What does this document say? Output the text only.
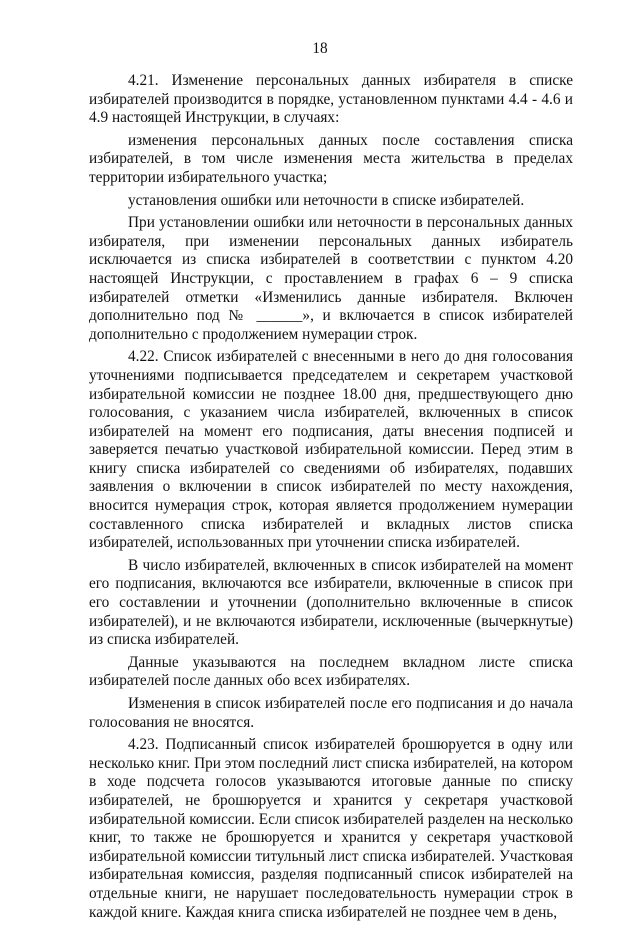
18

4.21. Изменение персональных данных избирателя в списке избирателей производится в порядке, установленном пунктами 4.4 - 4.6 и 4.9 настоящей Инструкции, в случаях:

изменения персональных данных после составления списка избирателей, в том числе изменения места жительства в пределах территории избирательного участка;

установления ошибки или неточности в списке избирателей.

При установлении ошибки или неточности в персональных данных избирателя, при изменении персональных данных избиратель исключается из списка избирателей в соответствии с пунктом 4.20 настоящей Инструкции, с проставлением в графах 6 – 9 списка избирателей отметки «Изменились данные избирателя. Включен дополнительно под № ______», и включается в список избирателей дополнительно с продолжением нумерации строк.

4.22. Список избирателей с внесенными в него до дня голосования уточнениями подписывается председателем и секретарем участковой избирательной комиссии не позднее 18.00 дня, предшествующего дню голосования, с указанием числа избирателей, включенных в список избирателей на момент его подписания, даты внесения подписей и заверяется печатью участковой избирательной комиссии. Перед этим в книгу списка избирателей со сведениями об избирателях, подавших заявления о включении в список избирателей по месту нахождения, вносится нумерация строк, которая является продолжением нумерации составленного списка избирателей и вкладных листов списка избирателей, использованных при уточнении списка избирателей.

В число избирателей, включенных в список избирателей на момент его подписания, включаются все избиратели, включенные в список при его составлении и уточнении (дополнительно включенные в список избирателей), и не включаются избиратели, исключенные (вычеркнутые) из списка избирателей.

Данные указываются на последнем вкладном листе списка избирателей после данных обо всех избирателях.

Изменения в список избирателей после его подписания и до начала голосования не вносятся.

4.23. Подписанный список избирателей брошюруется в одну или несколько книг. При этом последний лист списка избирателей, на котором в ходе подсчета голосов указываются итоговые данные по списку избирателей, не брошюруется и хранится у секретаря участковой избирательной комиссии. Если список избирателей разделен на несколько книг, то также не брошюруется и хранится у секретаря участковой избирательной комиссии титульный лист списка избирателей. Участковая избирательная комиссия, разделяя подписанный список избирателей на отдельные книги, не нарушает последовательность нумерации строк в каждой книге. Каждая книга списка избирателей не позднее чем в день,
